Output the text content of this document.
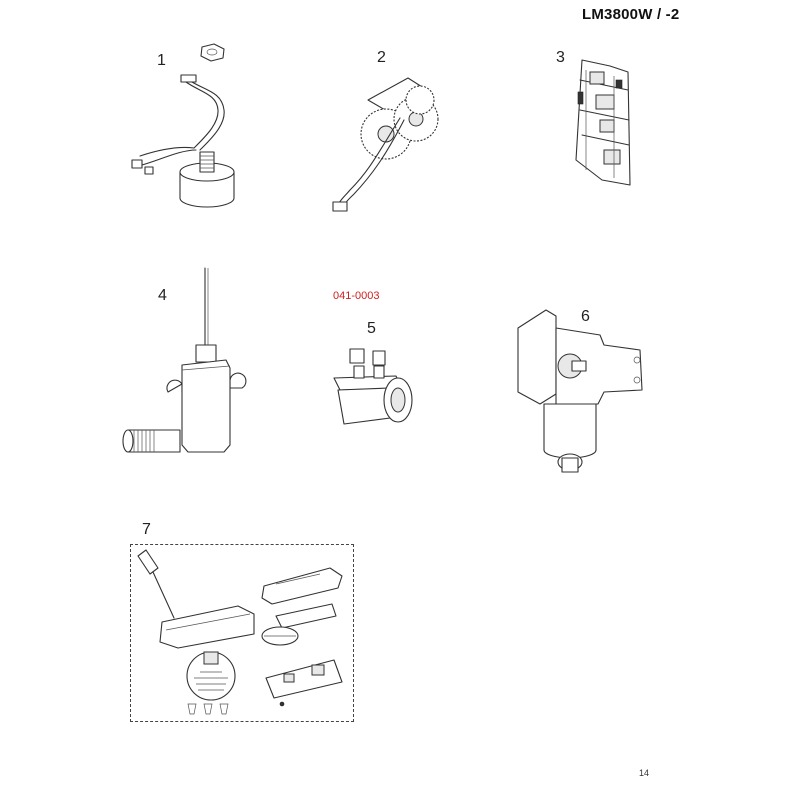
LM3800W / -2
1	2	3
4	041-0003
5
6
7
14
